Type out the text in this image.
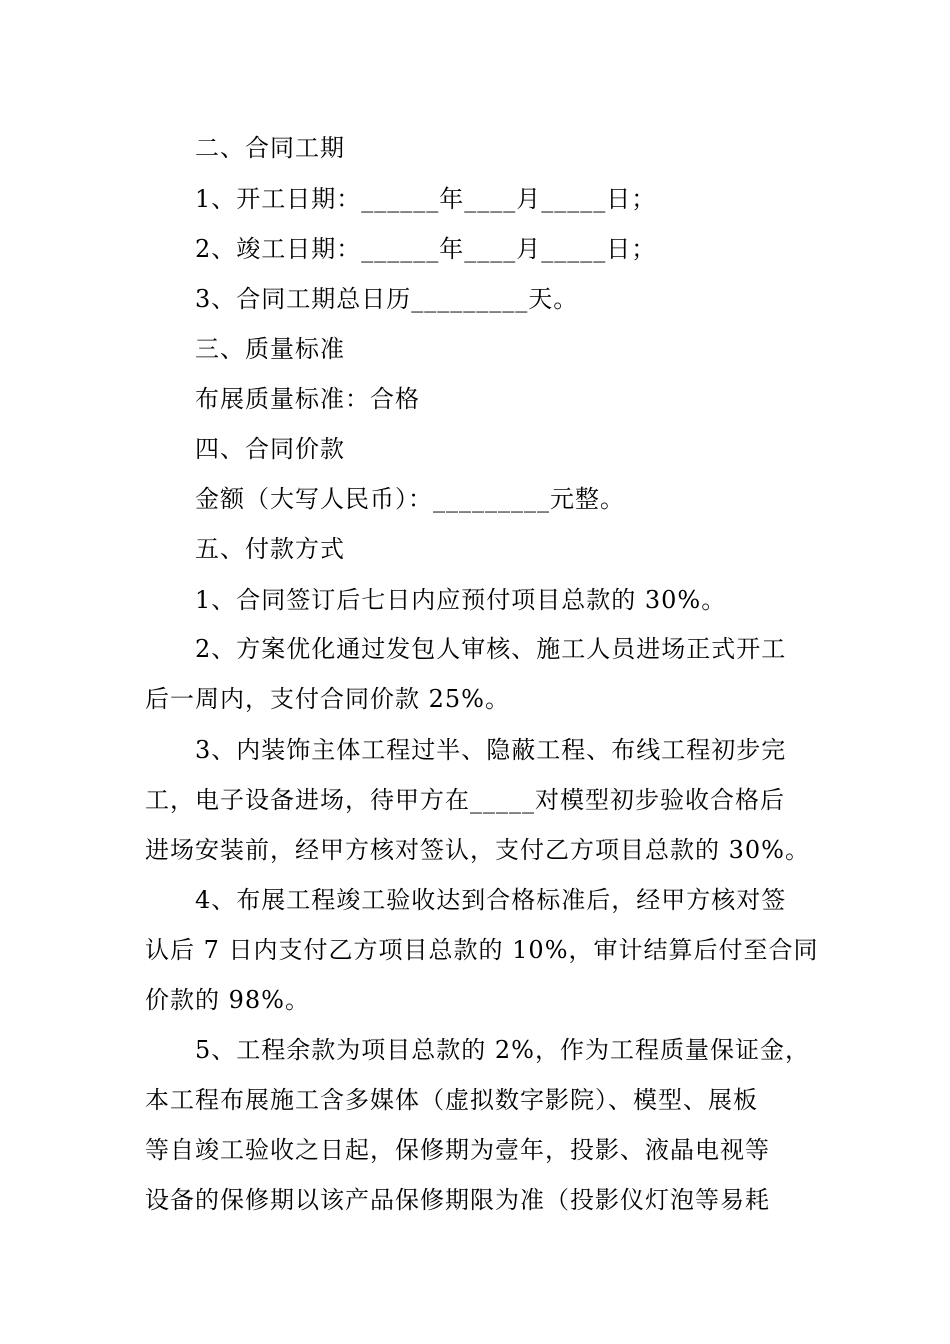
二、合同工期
1、开工日期：______年____月_____日；
2、竣工日期：______年____月_____日；
3、合同工期总日历_________天。
三、质量标准
布展质量标准：合格
四、合同价款
金额（大写人民币）：_________元整。
五、付款方式
1、合同签订后七日内应预付项目总款的 30%。
2、方案优化通过发包人审核、施工人员进场正式开工
后一周内，支付合同价款 25%。
3、内装饰主体工程过半、隐蔽工程、布线工程初步完
工，电子设备进场，待甲方在_____对模型初步验收合格后
进场安装前，经甲方核对签认，支付乙方项目总款的 30%。
4、布展工程竣工验收达到合格标准后，经甲方核对签
认后 7 日内支付乙方项目总款的 10%，审计结算后付至合同
价款的 98%。
5、工程余款为项目总款的 2%，作为工程质量保证金，
本工程布展施工含多媒体（虚拟数字影院）、模型、展板
等自竣工验收之日起，保修期为壹年，投影、液晶电视等
设备的保修期以该产品保修期限为准（投影仪灯泡等易耗
